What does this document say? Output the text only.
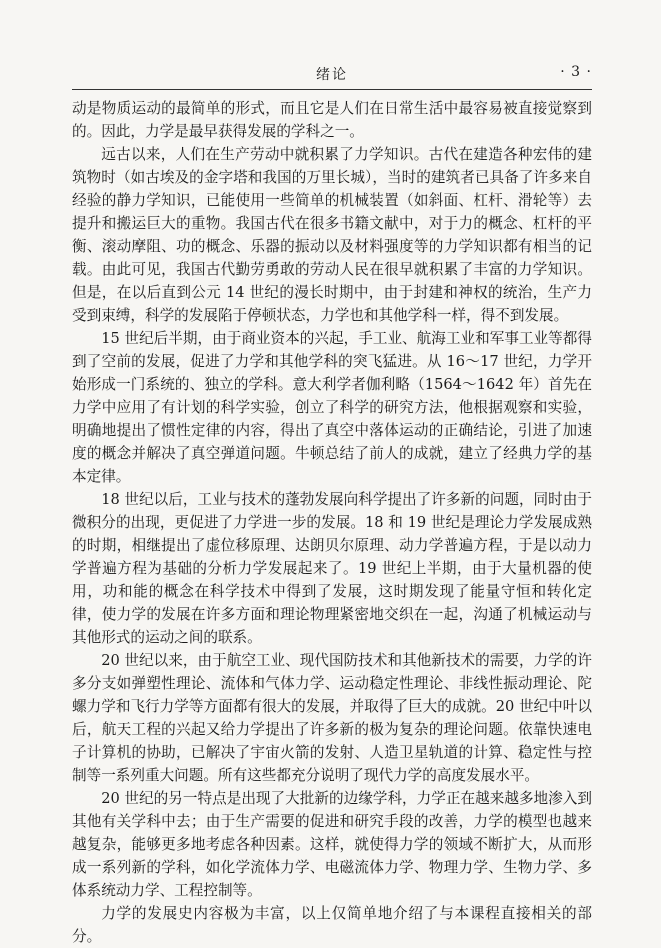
绪论	· 3 ·

动是物质运动的最简单的形式，而且它是人们在日常生活中最容易被直接觉察到的。因此，力学是最早获得发展的学科之一。

远古以来，人们在生产劳动中就积累了力学知识。古代在建造各种宏伟的建筑物时（如古埃及的金字塔和我国的万里长城），当时的建筑者已具备了许多来自经验的静力学知识，已能使用一些简单的机械装置（如斜面、杠杆、滑轮等）去提升和搬运巨大的重物。我国古代在很多书籍文献中，对于力的概念、杠杆的平衡、滚动摩阻、功的概念、乐器的振动以及材料强度等的力学知识都有相当的记载。由此可见，我国古代勤劳勇敢的劳动人民在很早就积累了丰富的力学知识。但是，在以后直到公元 14 世纪的漫长时期中，由于封建和神权的统治，生产力受到束缚，科学的发展陷于停顿状态，力学也和其他学科一样，得不到发展。

15 世纪后半期，由于商业资本的兴起，手工业、航海工业和军事工业等都得到了空前的发展，促进了力学和其他学科的突飞猛进。从 16～17 世纪，力学开始形成一门系统的、独立的学科。意大利学者伽利略（1564～1642 年）首先在力学中应用了有计划的科学实验，创立了科学的研究方法，他根据观察和实验，明确地提出了惯性定律的内容，得出了真空中落体运动的正确结论，引进了加速度的概念并解决了真空弹道问题。牛顿总结了前人的成就，建立了经典力学的基本定律。

18 世纪以后，工业与技术的蓬勃发展向科学提出了许多新的问题，同时由于微积分的出现，更促进了力学进一步的发展。18 和 19 世纪是理论力学发展成熟的时期，相继提出了虚位移原理、达朗贝尔原理、动力学普遍方程，于是以动力学普遍方程为基础的分析力学发展起来了。19 世纪上半期，由于大量机器的使用，功和能的概念在科学技术中得到了发展，这时期发现了能量守恒和转化定律，使力学的发展在许多方面和理论物理紧密地交织在一起，沟通了机械运动与其他形式的运动之间的联系。

20 世纪以来，由于航空工业、现代国防技术和其他新技术的需要，力学的许多分支如弹塑性理论、流体和气体力学、运动稳定性理论、非线性振动理论、陀螺力学和飞行力学等方面都有很大的发展，并取得了巨大的成就。20 世纪中叶以后，航天工程的兴起又给力学提出了许多新的极为复杂的理论问题。依靠快速电子计算机的协助，已解决了宇宙火箭的发射、人造卫星轨道的计算、稳定性与控制等一系列重大问题。所有这些都充分说明了现代力学的高度发展水平。

20 世纪的另一特点是出现了大批新的边缘学科，力学正在越来越多地渗入到其他有关学科中去；由于生产需要的促进和研究手段的改善，力学的模型也越来越复杂，能够更多地考虑各种因素。这样，就使得力学的领域不断扩大，从而形成一系列新的学科，如化学流体力学、电磁流体力学、物理力学、生物力学、多体系统动力学、工程控制等。

力学的发展史内容极为丰富，以上仅简单地介绍了与本课程直接相关的部分。
